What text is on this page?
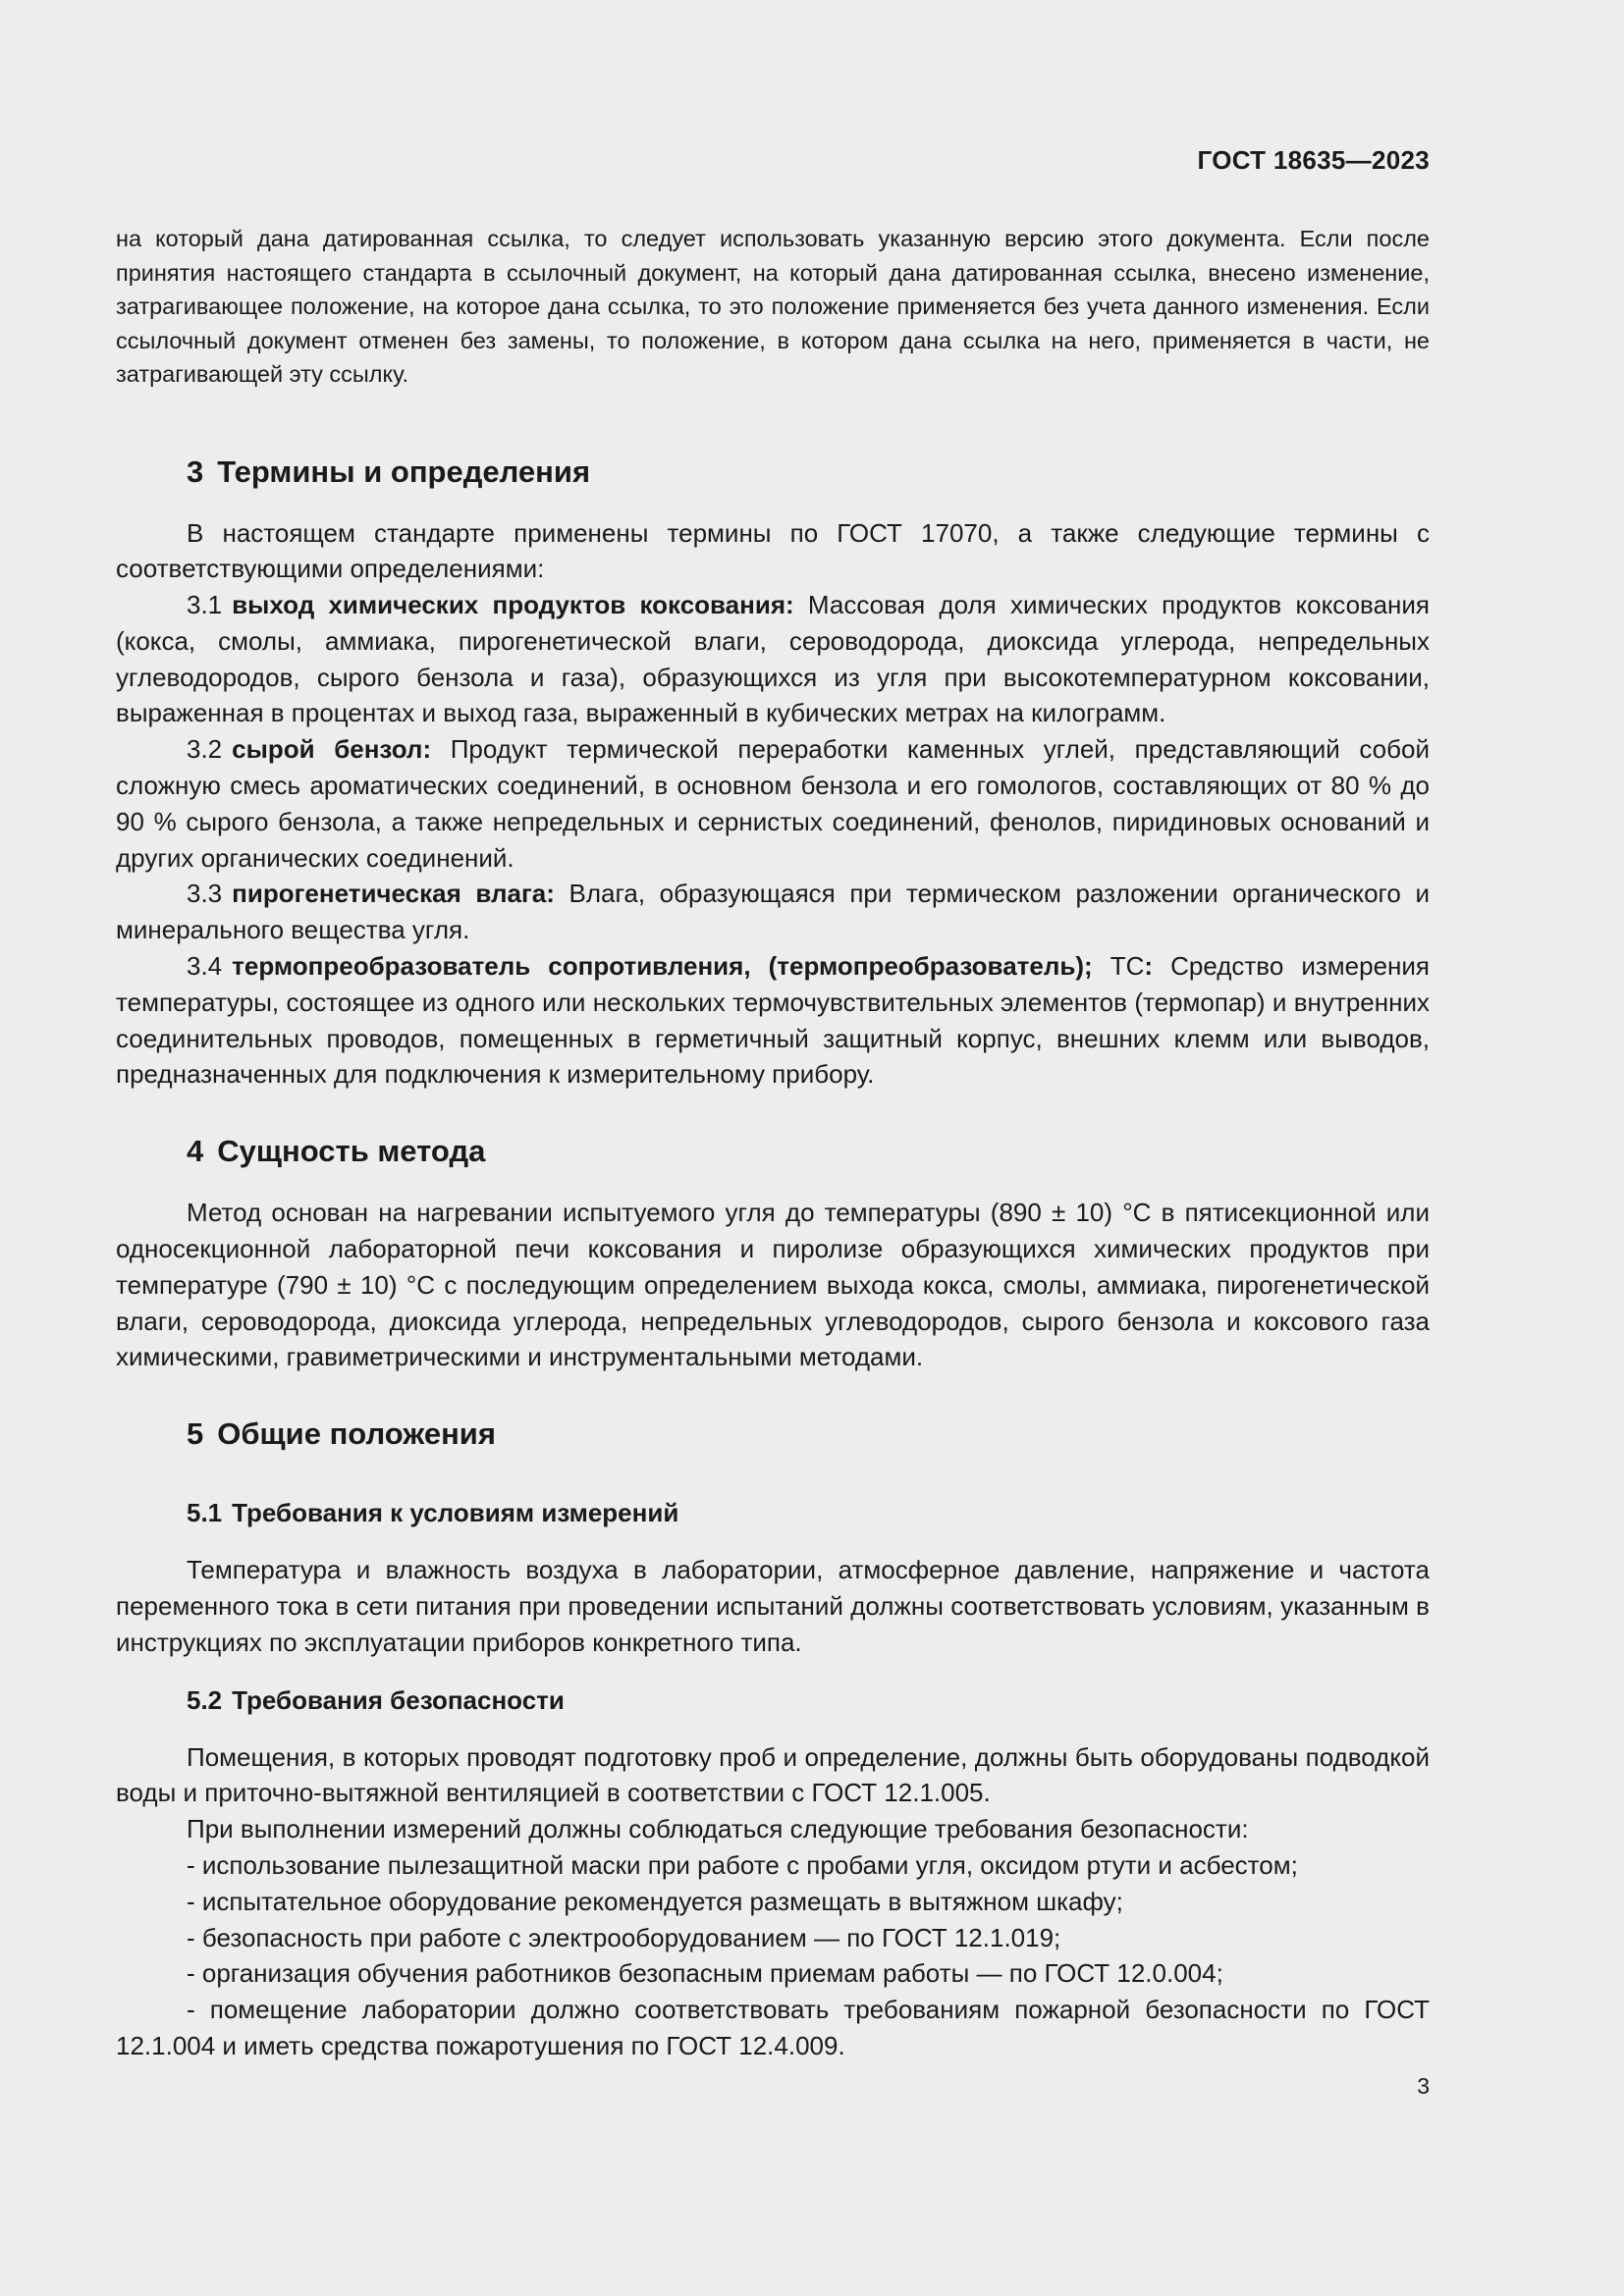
ГОСТ 18635—2023

на который дана датированная ссылка, то следует использовать указанную версию этого документа. Если после принятия настоящего стандарта в ссылочный документ, на который дана датированная ссылка, внесено изменение, затрагивающее положение, на которое дана ссылка, то это положение применяется без учета данного изменения. Если ссылочный документ отменен без замены, то положение, в котором дана ссылка на него, применяется в части, не затрагивающей эту ссылку.

3 Термины и определения

В настоящем стандарте применены термины по ГОСТ 17070, а также следующие термины с соответствующими определениями:

3.1 выход химических продуктов коксования: Массовая доля химических продуктов коксования (кокса, смолы, аммиака, пирогенетической влаги, сероводорода, диоксида углерода, непредельных углеводородов, сырого бензола и газа), образующихся из угля при высокотемпературном коксовании, выраженная в процентах и выход газа, выраженный в кубических метрах на килограмм.

3.2 сырой бензол: Продукт термической переработки каменных углей, представляющий собой сложную смесь ароматических соединений, в основном бензола и его гомологов, составляющих от 80 % до 90 % сырого бензола, а также непредельных и сернистых соединений, фенолов, пиридиновых оснований и других органических соединений.

3.3 пирогенетическая влага: Влага, образующаяся при термическом разложении органического и минерального вещества угля.

3.4 термопреобразователь сопротивления, (термопреобразователь); ТС: Средство измерения температуры, состоящее из одного или нескольких термочувствительных элементов (термопар) и внутренних соединительных проводов, помещенных в герметичный защитный корпус, внешних клемм или выводов, предназначенных для подключения к измерительному прибору.

4 Сущность метода

Метод основан на нагревании испытуемого угля до температуры (890 ± 10) °С в пятисекционной или односекционной лабораторной печи коксования и пиролизе образующихся химических продуктов при температуре (790 ± 10) °С с последующим определением выхода кокса, смолы, аммиака, пирогенетической влаги, сероводорода, диоксида углерода, непредельных углеводородов, сырого бензола и коксового газа химическими, гравиметрическими и инструментальными методами.

5 Общие положения
5.1 Требования к условиям измерений

Температура и влажность воздуха в лаборатории, атмосферное давление, напряжение и частота переменного тока в сети питания при проведении испытаний должны соответствовать условиям, указанным в инструкциях по эксплуатации приборов конкретного типа.

5.2 Требования безопасности

Помещения, в которых проводят подготовку проб и определение, должны быть оборудованы подводкой воды и приточно-вытяжной вентиляцией в соответствии с ГОСТ 12.1.005.

При выполнении измерений должны соблюдаться следующие требования безопасности:

- использование пылезащитной маски при работе с пробами угля, оксидом ртути и асбестом;

- испытательное оборудование рекомендуется размещать в вытяжном шкафу;

- безопасность при работе с электрооборудованием — по ГОСТ 12.1.019;

- организация обучения работников безопасным приемам работы — по ГОСТ 12.0.004;

- помещение лаборатории должно соответствовать требованиям пожарной безопасности по ГОСТ 12.1.004 и иметь средства пожаротушения по ГОСТ 12.4.009.

3
